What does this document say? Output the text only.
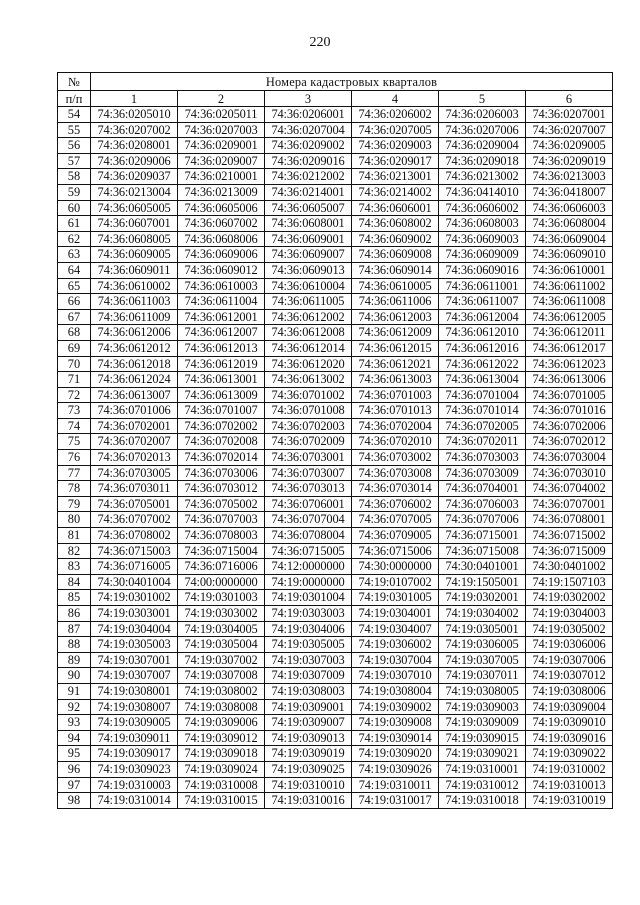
220
№	Номера кадастровых кварталов					
п/п	1	2	3	4	5	6
54	74:36:0205010	74:36:0205011	74:36:0206001	74:36:0206002	74:36:0206003	74:36:0207001
55	74:36:0207002	74:36:0207003	74:36:0207004	74:36:0207005	74:36:0207006	74:36:0207007
56	74:36:0208001	74:36:0209001	74:36:0209002	74:36:0209003	74:36:0209004	74:36:0209005
57	74:36:0209006	74:36:0209007	74:36:0209016	74:36:0209017	74:36:0209018	74:36:0209019
58	74:36:0209037	74:36:0210001	74:36:0212002	74:36:0213001	74:36:0213002	74:36:0213003
59	74:36:0213004	74:36:0213009	74:36:0214001	74:36:0214002	74:36:0414010	74:36:0418007
60	74:36:0605005	74:36:0605006	74:36:0605007	74:36:0606001	74:36:0606002	74:36:0606003
61	74:36:0607001	74:36:0607002	74:36:0608001	74:36:0608002	74:36:0608003	74:36:0608004
62	74:36:0608005	74:36:0608006	74:36:0609001	74:36:0609002	74:36:0609003	74:36:0609004
63	74:36:0609005	74:36:0609006	74:36:0609007	74:36:0609008	74:36:0609009	74:36:0609010
64	74:36:0609011	74:36:0609012	74:36:0609013	74:36:0609014	74:36:0609016	74:36:0610001
65	74:36:0610002	74:36:0610003	74:36:0610004	74:36:0610005	74:36:0611001	74:36:0611002
66	74:36:0611003	74:36:0611004	74:36:0611005	74:36:0611006	74:36:0611007	74:36:0611008
67	74:36:0611009	74:36:0612001	74:36:0612002	74:36:0612003	74:36:0612004	74:36:0612005
68	74:36:0612006	74:36:0612007	74:36:0612008	74:36:0612009	74:36:0612010	74:36:0612011
69	74:36:0612012	74:36:0612013	74:36:0612014	74:36:0612015	74:36:0612016	74:36:0612017
70	74:36:0612018	74:36:0612019	74:36:0612020	74:36:0612021	74:36:0612022	74:36:0612023
71	74:36:0612024	74:36:0613001	74:36:0613002	74:36:0613003	74:36:0613004	74:36:0613006
72	74:36:0613007	74:36:0613009	74:36:0701002	74:36:0701003	74:36:0701004	74:36:0701005
73	74:36:0701006	74:36:0701007	74:36:0701008	74:36:0701013	74:36:0701014	74:36:0701016
74	74:36:0702001	74:36:0702002	74:36:0702003	74:36:0702004	74:36:0702005	74:36:0702006
75	74:36:0702007	74:36:0702008	74:36:0702009	74:36:0702010	74:36:0702011	74:36:0702012
76	74:36:0702013	74:36:0702014	74:36:0703001	74:36:0703002	74:36:0703003	74:36:0703004
77	74:36:0703005	74:36:0703006	74:36:0703007	74:36:0703008	74:36:0703009	74:36:0703010
78	74:36:0703011	74:36:0703012	74:36:0703013	74:36:0703014	74:36:0704001	74:36:0704002
79	74:36:0705001	74:36:0705002	74:36:0706001	74:36:0706002	74:36:0706003	74:36:0707001
80	74:36:0707002	74:36:0707003	74:36:0707004	74:36:0707005	74:36:0707006	74:36:0708001
81	74:36:0708002	74:36:0708003	74:36:0708004	74:36:0709005	74:36:0715001	74:36:0715002
82	74:36:0715003	74:36:0715004	74:36:0715005	74:36:0715006	74:36:0715008	74:36:0715009
83	74:36:0716005	74:36:0716006	74:12:0000000	74:30:0000000	74:30:0401001	74:30:0401002
84	74:30:0401004	74:00:0000000	74:19:0000000	74:19:0107002	74:19:1505001	74:19:1507103
85	74:19:0301002	74:19:0301003	74:19:0301004	74:19:0301005	74:19:0302001	74:19:0302002
86	74:19:0303001	74:19:0303002	74:19:0303003	74:19:0304001	74:19:0304002	74:19:0304003
87	74:19:0304004	74:19:0304005	74:19:0304006	74:19:0304007	74:19:0305001	74:19:0305002
88	74:19:0305003	74:19:0305004	74:19:0305005	74:19:0306002	74:19:0306005	74:19:0306006
89	74:19:0307001	74:19:0307002	74:19:0307003	74:19:0307004	74:19:0307005	74:19:0307006
90	74:19:0307007	74:19:0307008	74:19:0307009	74:19:0307010	74:19:0307011	74:19:0307012
91	74:19:0308001	74:19:0308002	74:19:0308003	74:19:0308004	74:19:0308005	74:19:0308006
92	74:19:0308007	74:19:0308008	74:19:0309001	74:19:0309002	74:19:0309003	74:19:0309004
93	74:19:0309005	74:19:0309006	74:19:0309007	74:19:0309008	74:19:0309009	74:19:0309010
94	74:19:0309011	74:19:0309012	74:19:0309013	74:19:0309014	74:19:0309015	74:19:0309016
95	74:19:0309017	74:19:0309018	74:19:0309019	74:19:0309020	74:19:0309021	74:19:0309022
96	74:19:0309023	74:19:0309024	74:19:0309025	74:19:0309026	74:19:0310001	74:19:0310002
97	74:19:0310003	74:19:0310008	74:19:0310010	74:19:0310011	74:19:0310012	74:19:0310013
98	74:19:0310014	74:19:0310015	74:19:0310016	74:19:0310017	74:19:0310018	74:19:0310019
